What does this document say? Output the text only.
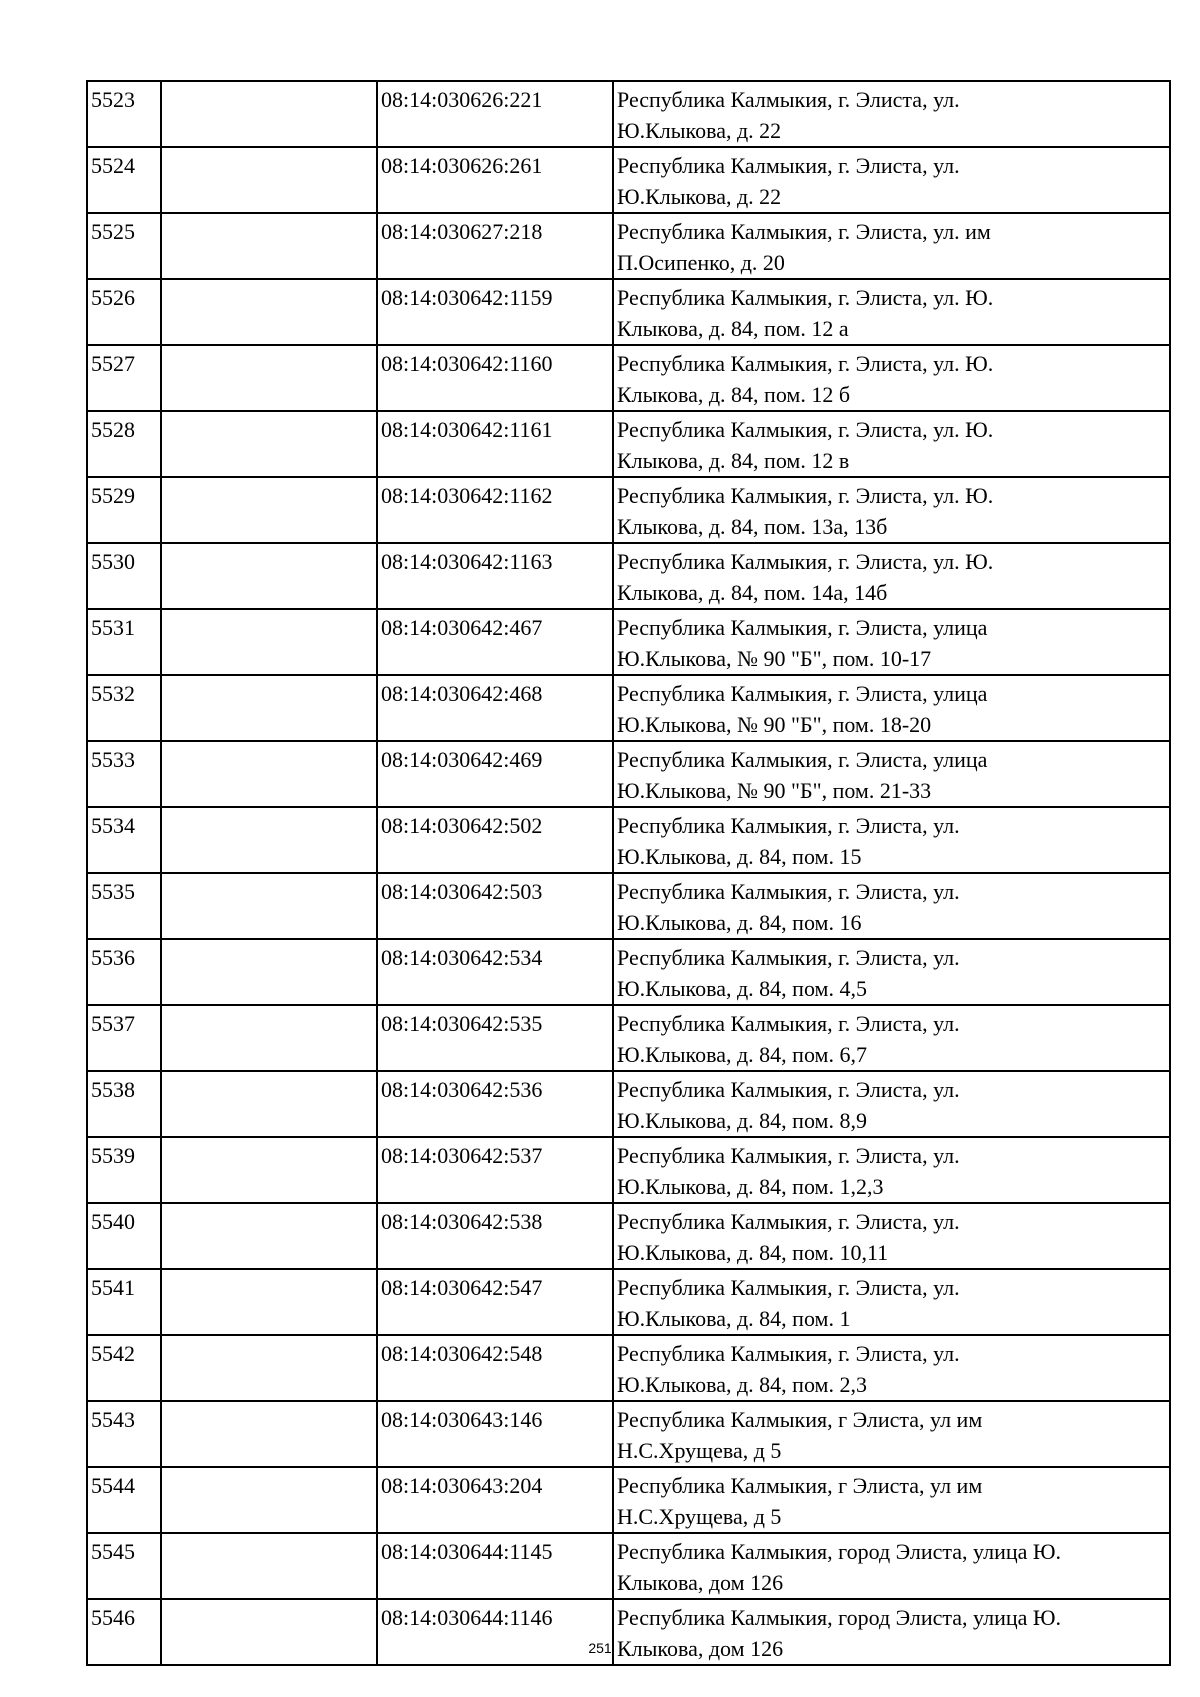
5523		08:14:030626:221	Республика Калмыкия, г. Элиста, ул.
Ю.Клыкова, д. 22

5524		08:14:030626:261	Республика Калмыкия, г. Элиста, ул.
Ю.Клыкова, д. 22

5525		08:14:030627:218	Республика Калмыкия, г. Элиста, ул. им
П.Осипенко, д. 20

5526		08:14:030642:1159	Республика Калмыкия, г. Элиста, ул. Ю.
Клыкова, д. 84, пом. 12 а

5527		08:14:030642:1160	Республика Калмыкия, г. Элиста, ул. Ю.
Клыкова, д. 84, пом. 12 б

5528		08:14:030642:1161	Республика Калмыкия, г. Элиста, ул. Ю.
Клыкова, д. 84, пом. 12 в

5529		08:14:030642:1162	Республика Калмыкия, г. Элиста, ул. Ю.
Клыкова, д. 84, пом. 13а, 13б

5530		08:14:030642:1163	Республика Калмыкия, г. Элиста, ул. Ю.
Клыкова, д. 84, пом. 14а, 14б

5531		08:14:030642:467	Республика Калмыкия, г. Элиста, улица
Ю.Клыкова, № 90 "Б", пом. 10-17

5532		08:14:030642:468	Республика Калмыкия, г. Элиста, улица
Ю.Клыкова, № 90 "Б", пом. 18-20

5533		08:14:030642:469	Республика Калмыкия, г. Элиста, улица
Ю.Клыкова, № 90 "Б", пом. 21-33

5534		08:14:030642:502	Республика Калмыкия, г. Элиста, ул.
Ю.Клыкова, д. 84, пом. 15

5535		08:14:030642:503	Республика Калмыкия, г. Элиста, ул.
Ю.Клыкова, д. 84, пом. 16

5536		08:14:030642:534	Республика Калмыкия, г. Элиста, ул.
Ю.Клыкова, д. 84, пом. 4,5

5537		08:14:030642:535	Республика Калмыкия, г. Элиста, ул.
Ю.Клыкова, д. 84, пом. 6,7

5538		08:14:030642:536	Республика Калмыкия, г. Элиста, ул.
Ю.Клыкова, д. 84, пом. 8,9

5539		08:14:030642:537	Республика Калмыкия, г. Элиста, ул.
Ю.Клыкова, д. 84, пом. 1,2,3

5540		08:14:030642:538	Республика Калмыкия, г. Элиста, ул.
Ю.Клыкова, д. 84, пом. 10,11

5541		08:14:030642:547	Республика Калмыкия, г. Элиста, ул.
Ю.Клыкова, д. 84, пом. 1

5542		08:14:030642:548	Республика Калмыкия, г. Элиста, ул.
Ю.Клыкова, д. 84, пом. 2,3

5543		08:14:030643:146	Республика Калмыкия, г Элиста, ул им
Н.С.Хрущева, д 5

5544		08:14:030643:204	Республика Калмыкия, г Элиста, ул им
Н.С.Хрущева, д 5

5545		08:14:030644:1145	Республика Калмыкия, город Элиста, улица Ю.
Клыкова, дом 126

5546		08:14:030644:1146	Республика Калмыкия, город Элиста, улица Ю.
Клыкова, дом 126
251
